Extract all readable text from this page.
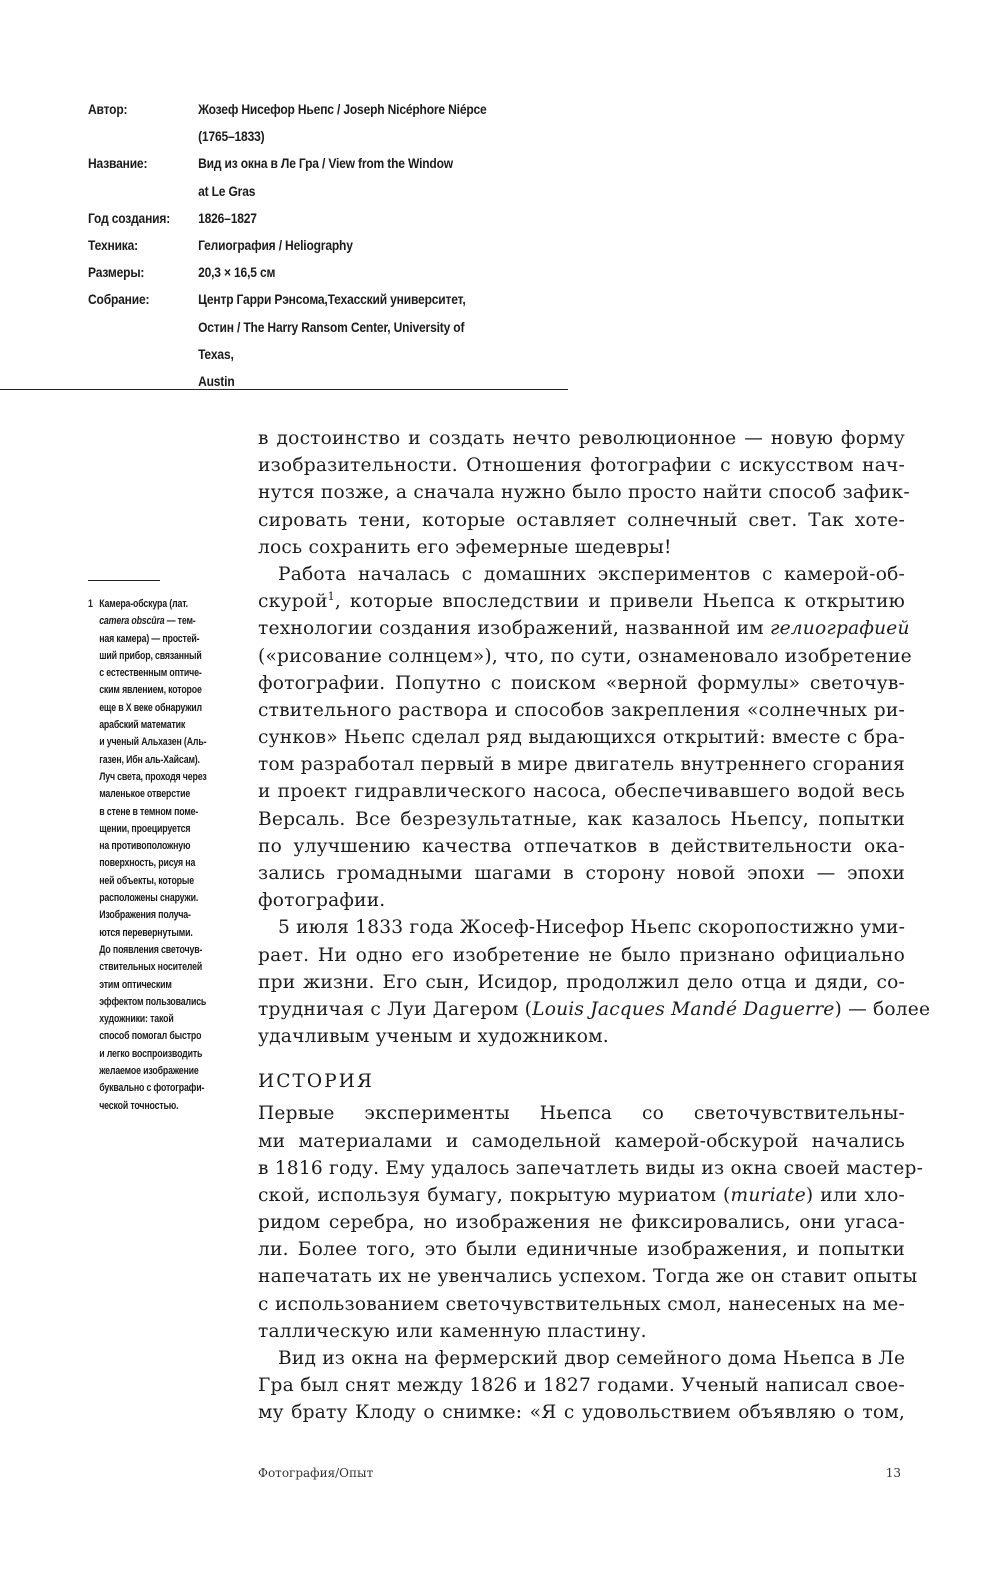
Автор:	Жозеф Нисефор Ньепс / Joseph Nicéphore Niépce
(1765–1833)
Название:	Вид из окна в Ле Гра / View from the Window
at Le Gras
Год создания:	1826–1827
Техника:	Гелиография / Heliography
Размеры:	20,3 × 16,5 см
Собрание:	Центр Гарри Рэнсома,Техасский университет,
Остин / The Harry Ransom Center, University of Texas,
Austin
1 Камера-обскура (лат.
camera obscūra — тем-
ная камера) — простей-
ший прибор, связанный
с естественным оптиче-
ским явлением, которое
еще в X веке обнаружил
арабский математик
и ученый Альхазен (Аль-
газен, Ибн аль-Хайсам).
Луч света, проходя через
маленькое отверстие
в стене в темном поме-
щении, проецируется
на противоположную
поверхность, рисуя на
ней объекты, которые
расположены снаружи.
Изображения получа-
ются перевернутыми.
До появления светочув-
ствительных носителей
этим оптическим
эффектом пользовались
художники: такой
способ помогал быстро
и легко воспроизводить
желаемое изображение
буквально с фотографи-
ческой точностью.
в достоинство и создать нечто революционное — новую форму
изобразительности. Отношения фотографии с искусством нач-
нутся позже, а сначала нужно было просто найти способ зафик-
сировать тени, которые оставляет солнечный свет. Так хоте-
лось сохранить его эфемерные шедевры!
Работа началась с домашних экспериментов с камерой-об-
скурой$^1$, которые впоследствии и привели Ньепса к открытию
технологии создания изображений, названной им гелиографией
(«рисование солнцем»), что, по сути, ознаменовало изобретение
фотографии. Попутно с поиском «верной формулы» светочув-
ствительного раствора и способов закрепления «солнечных ри-
сунков» Ньепс сделал ряд выдающихся открытий: вместе с бра-
том разработал первый в мире двигатель внутреннего сгорания
и проект гидравлического насоса, обеспечивавшего водой весь
Версаль. Все безрезультатные, как казалось Ньепсу, попытки
по улучшению качества отпечатков в действительности ока-
зались громадными шагами в сторону новой эпохи — эпохи
фотографии.
5 июля 1833 года Жосеф-Нисефор Ньепс скоропостижно уми-
рает. Ни одно его изобретение не было признано официально
при жизни. Его сын, Исидор, продолжил дело отца и дяди, со-
трудничая с Луи Дагером (Louis Jacques Mandé Daguerre) — более
удачливым ученым и художником.
ИСТОРИЯ
Первые эксперименты Ньепса со светочувствительны-
ми материалами и самодельной камерой-обскурой начались
в 1816 году. Ему удалось запечатлеть виды из окна своей мастер-
ской, используя бумагу, покрытую муриатом (muriate) или хло-
ридом серебра, но изображения не фиксировались, они угаса-
ли. Более того, это были единичные изображения, и попытки
напечатать их не увенчались успехом. Тогда же он ставит опыты
с использованием светочувствительных смол, нанесеных на ме-
таллическую или каменную пластину.
Вид из окна на фермерский двор семейного дома Ньепса в Ле
Гра был снят между 1826 и 1827 годами. Ученый написал свое-
му брату Клоду о снимке: «Я с удовольствием объявляю о том,
Фотография/Опыт	13
